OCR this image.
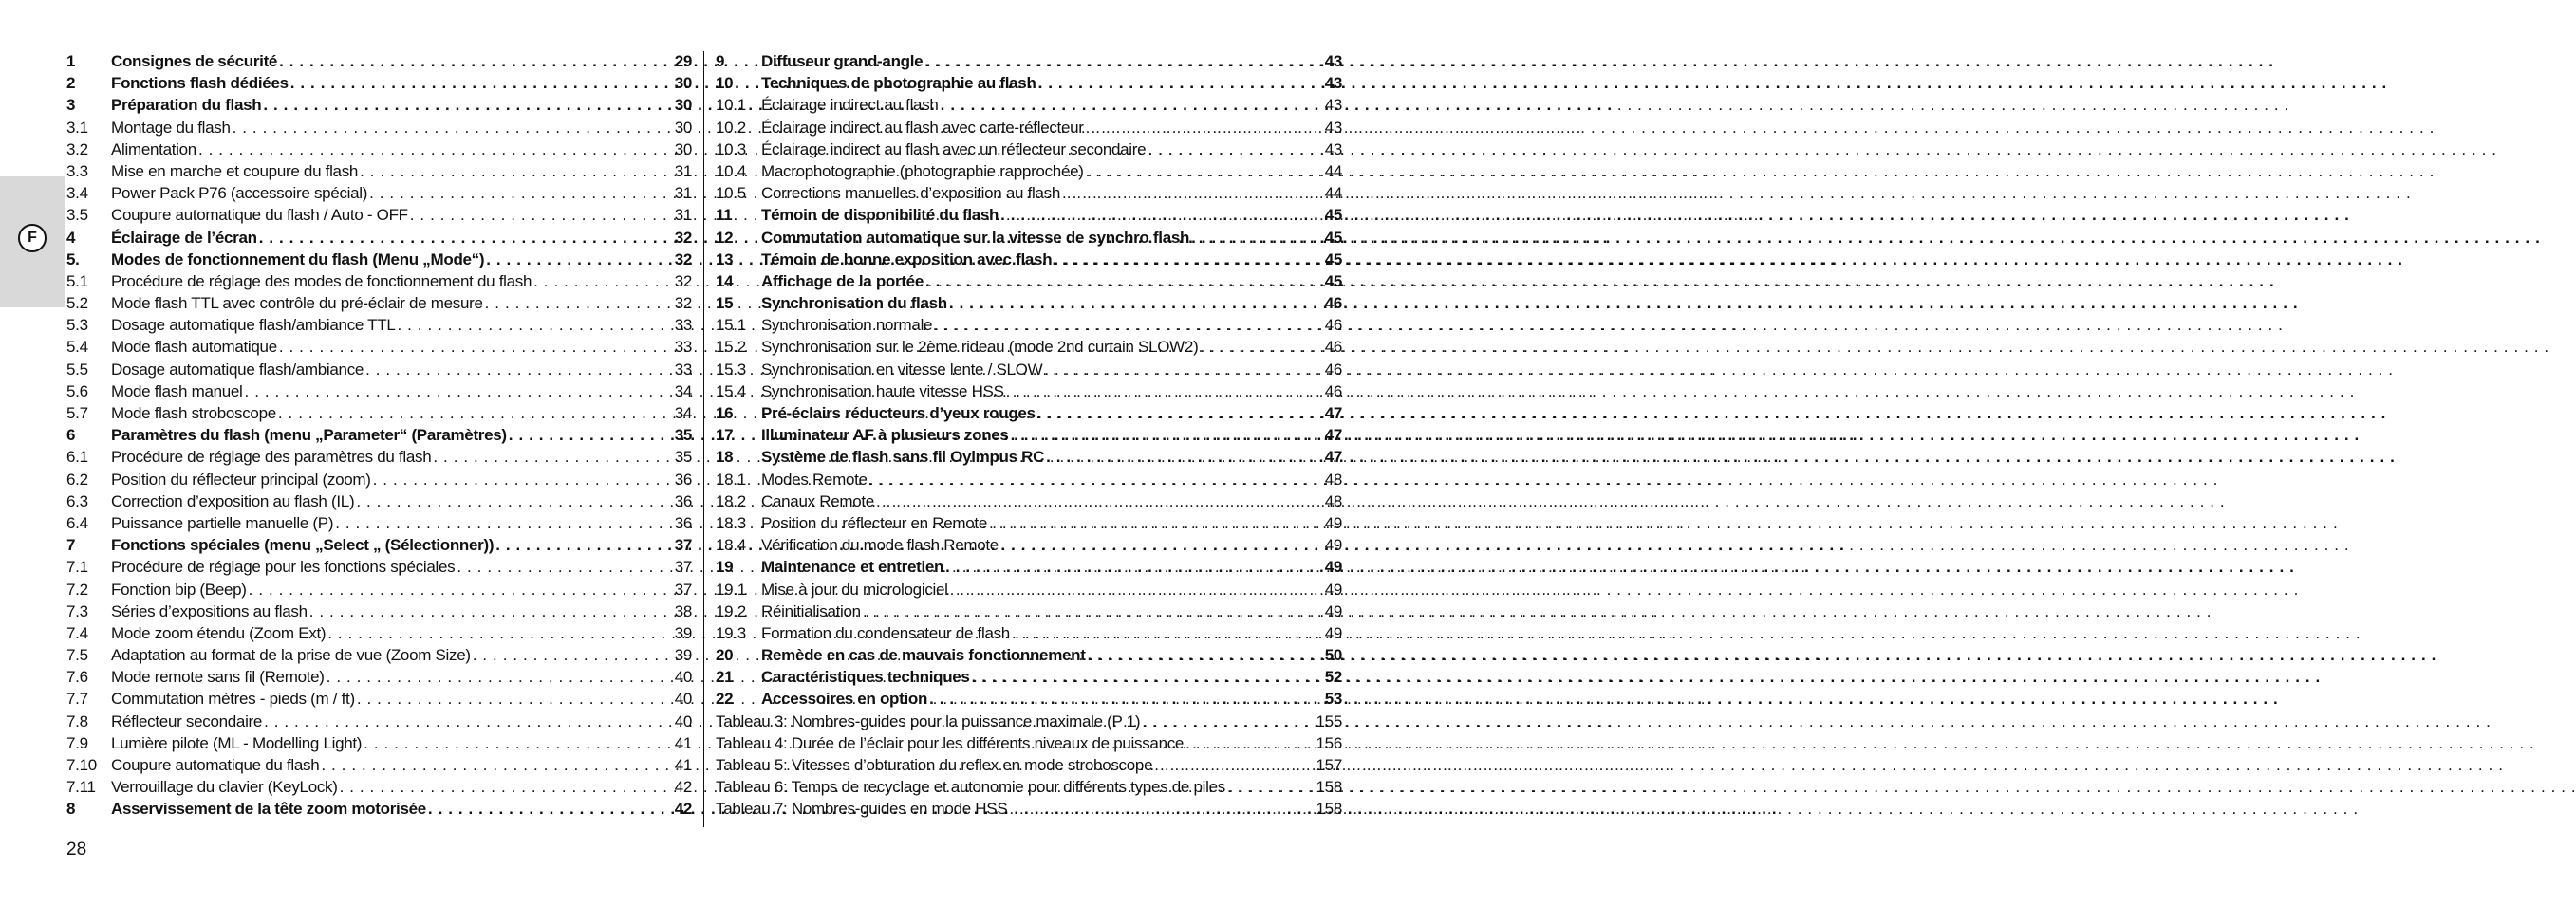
F
1	Consignes de sécurité . . .	29
2	Fonctions flash dédiées . . .	30
3	Préparation du flash . . .	30
3.1	Montage du flash . . .	30
3.2	Alimentation . . .	30
3.3	Mise en marche et coupure du flash . . .	31
3.4	Power Pack P76 (accessoire spécial) . . .	31
3.5	Coupure automatique du flash / Auto - OFF . . .	31
4	Éclairage de l’écran . . .	32
5.	Modes de fonctionnement du flash (Menu „Mode“) . . .	32
5.1	Procédure de réglage des modes de fonctionnement du flash . . .	32
5.2	Mode flash TTL avec contrôle du pré-éclair de mesure . . .	32
5.3	Dosage automatique flash/ambiance TTL . . .	33
5.4	Mode flash automatique . . .	33
5.5	Dosage automatique flash/ambiance . . .	33
5.6	Mode flash manuel . . .	34
5.7	Mode flash stroboscope . . .	34
6	Paramètres du flash (menu „Parameter“ (Paramètres) . . .	35
6.1	Procédure de réglage des paramètres du flash . . .	35
6.2	Position du réflecteur principal (zoom) . . .	36
6.3	Correction d’exposition au flash (IL) . . .	36
6.4	Puissance partielle manuelle (P) . . .	36
7	Fonctions spéciales (menu „Select „ (Sélectionner)) . . .	37
7.1	Procédure de réglage pour les fonctions spéciales . . .	37
7.2	Fonction bip (Beep) . . .	37
7.3	Séries d’expositions au flash . . .	38
7.4	Mode zoom étendu (Zoom Ext) . . .	39
7.5	Adaptation au format de la prise de vue (Zoom Size) . . .	39
7.6	Mode remote sans fil (Remote) . . .	40
7.7	Commutation mètres - pieds (m / ft) . . .	40
7.8	Réflecteur secondaire . . .	40
7.9	Lumière pilote (ML - Modelling Light) . . .	41
7.10 Coupure automatique du flash . . .	41
7.11 Verrouillage du clavier (KeyLock) . . .	42
8	Asservissement de la tête zoom motorisée . . .	42
9	Diffuseur grand-angle . . .	43
10	Techniques de photographie au flash . . .	43
10.1 Éclairage indirect au flash . . .	43
10.2 Éclairage indirect au flash avec carte-réflecteur . . .	43
10.3 Éclairage indirect au flash avec un réflecteur secondaire . . .	43
10.4 Macrophotographie (photographie rapprochée) . . .	44
10.5 Corrections manuelles d’exposition au flash . . .	44
11	Témoin de disponibilité du flash . . .	45
12	Commutation automatique sur la vitesse de synchro flash . . .	45
13	Témoin de bonne exposition avec flash . . .	45
14	Affichage de la portée . . .	45
15	Synchronisation du flash . . .	46
15.1 Synchronisation normale . . .	46
15.2 Synchronisation sur le 2ème rideau (mode 2nd curtain SLOW2) . . .	46
15.3 Synchronisation en vitesse lente / SLOW . . .	46
15.4 Synchronisation haute vitesse HSS . . .	46
16	Pré-éclairs réducteurs d’yeux rouges . . .	47
17	Illuminateur AF à plusieurs zones . . .	47
18	Système de flash sans fil Oylmpus RC . . .	47
18.1 Modes Remote . . .	48
18.2 Canaux Remote . . .	48
18.3 Position du réflecteur en Remote . . .	49
18.4 Vérification du mode flash Remote . . .	49
19	Maintenance et entretien . . .	49
19.1 Mise à jour du micrologiciel . . .	49
19.2 Réinitialisation . . .	49
19.3 Formation du condensateur de flash . . .	49
20	Remède en cas de mauvais fonctionnement . . .	50
21	Caractéristiques techniques . . .	52
22	Accessoires en option . . .	53
Tableau 3: Nombres-guides pour la puissance maximale (P 1) . . .	155
Tableau 4: Durée de l’éclair pour les différents niveaux de puissance . . .	156
Tableau 5: Vitesses d’obturation du reflex en mode stroboscope . . .	157
Tableau 6: Temps de recyclage et autonomie pour différents types de piles . . .	158
Tableau 7: Nombres-guides en mode HSS . . .	158
28
